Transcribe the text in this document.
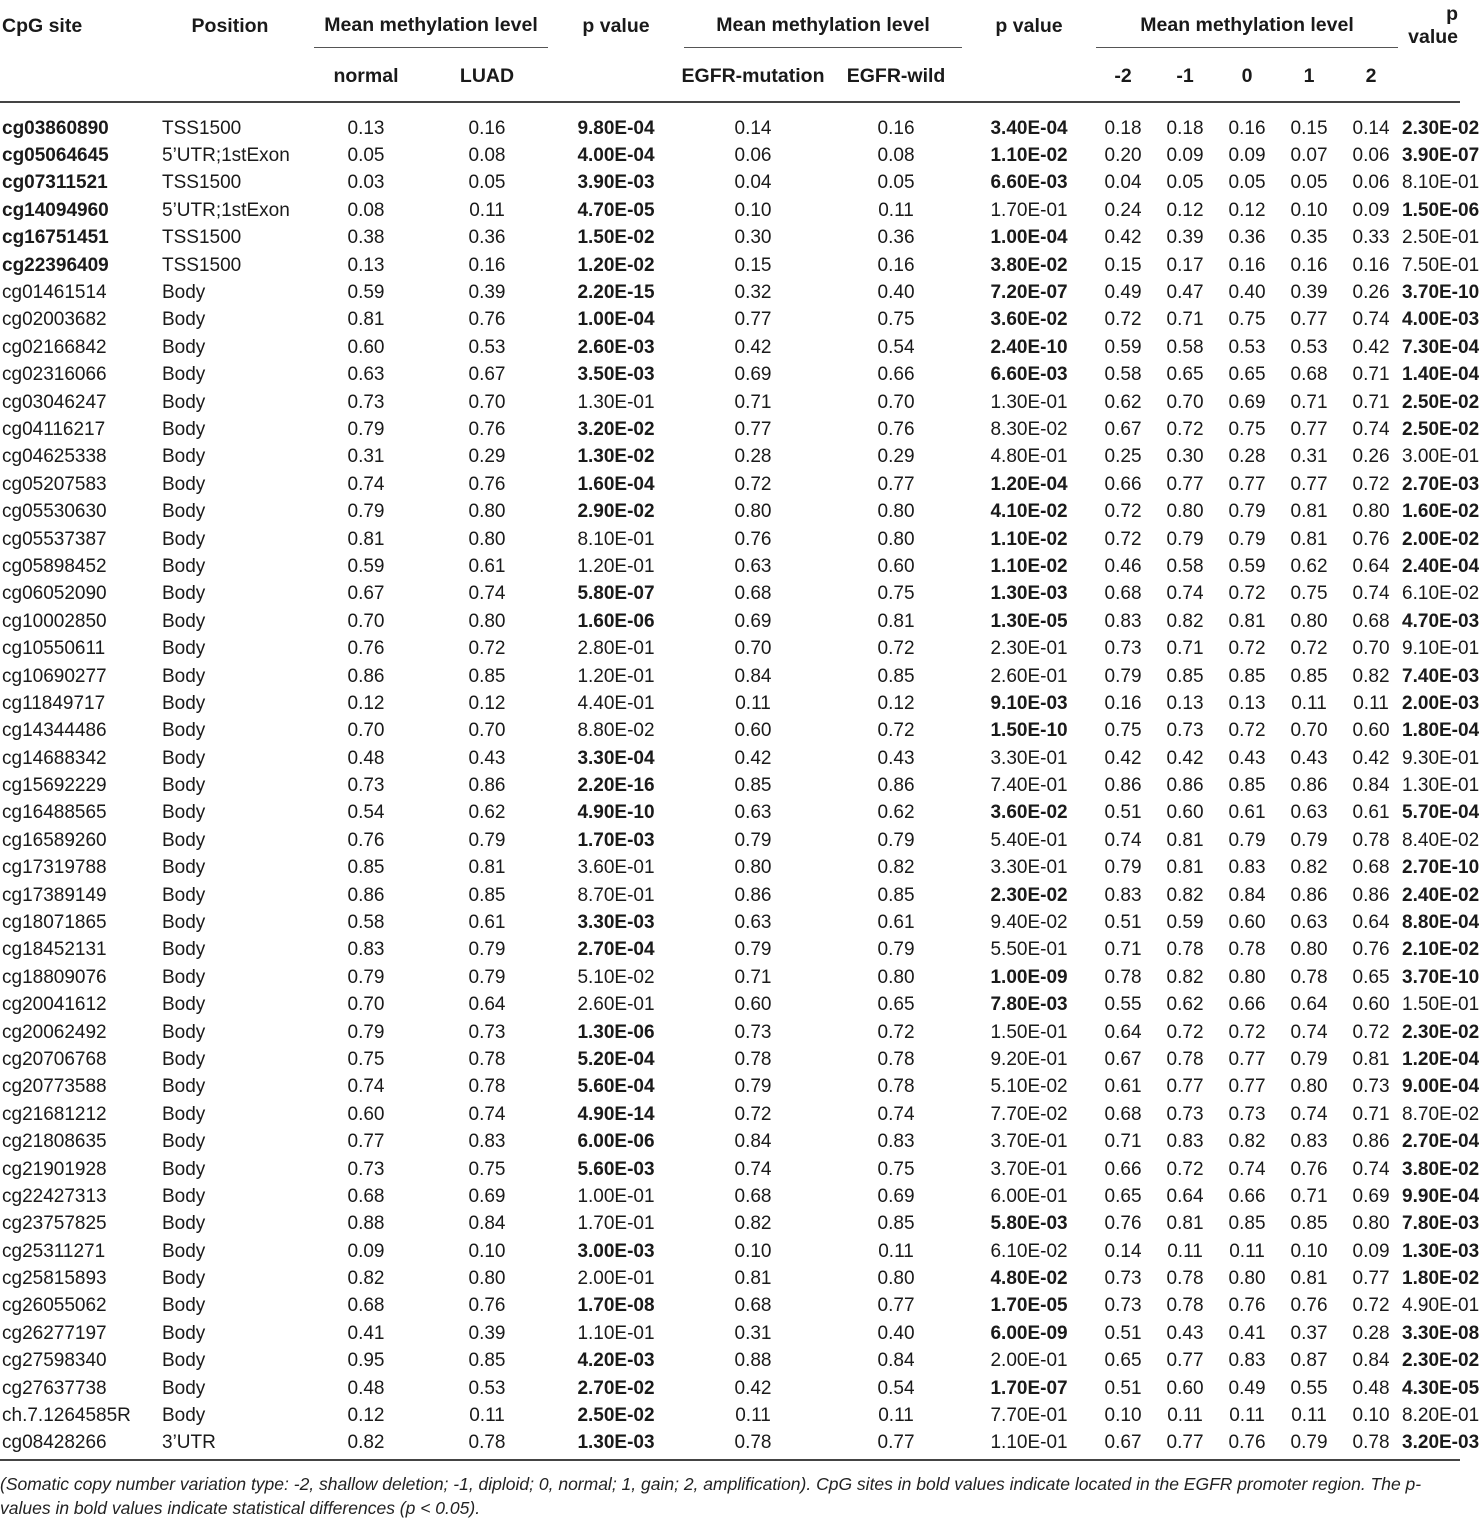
CpG site	Position	Mean methylation level		p value	Mean methylation level		p value	Mean methylation level					p value
		normal	LUAD		EGFR-mutation	EGFR-wild		-2	-1	0	1	2	
cg03860890	TSS1500	0.13	0.16	9.80E-04	0.14	0.16	3.40E-04	0.18	0.18	0.16	0.15	0.14	2.30E-02
cg05064645	5’UTR;1stExon	0.05	0.08	4.00E-04	0.06	0.08	1.10E-02	0.20	0.09	0.09	0.07	0.06	3.90E-07
cg07311521	TSS1500	0.03	0.05	3.90E-03	0.04	0.05	6.60E-03	0.04	0.05	0.05	0.05	0.06	8.10E-01
cg14094960	5’UTR;1stExon	0.08	0.11	4.70E-05	0.10	0.11	1.70E-01	0.24	0.12	0.12	0.10	0.09	1.50E-06
cg16751451	TSS1500	0.38	0.36	1.50E-02	0.30	0.36	1.00E-04	0.42	0.39	0.36	0.35	0.33	2.50E-01
cg22396409	TSS1500	0.13	0.16	1.20E-02	0.15	0.16	3.80E-02	0.15	0.17	0.16	0.16	0.16	7.50E-01
cg01461514	Body	0.59	0.39	2.20E-15	0.32	0.40	7.20E-07	0.49	0.47	0.40	0.39	0.26	3.70E-10
cg02003682	Body	0.81	0.76	1.00E-04	0.77	0.75	3.60E-02	0.72	0.71	0.75	0.77	0.74	4.00E-03
cg02166842	Body	0.60	0.53	2.60E-03	0.42	0.54	2.40E-10	0.59	0.58	0.53	0.53	0.42	7.30E-04
cg02316066	Body	0.63	0.67	3.50E-03	0.69	0.66	6.60E-03	0.58	0.65	0.65	0.68	0.71	1.40E-04
cg03046247	Body	0.73	0.70	1.30E-01	0.71	0.70	1.30E-01	0.62	0.70	0.69	0.71	0.71	2.50E-02
cg04116217	Body	0.79	0.76	3.20E-02	0.77	0.76	8.30E-02	0.67	0.72	0.75	0.77	0.74	2.50E-02
cg04625338	Body	0.31	0.29	1.30E-02	0.28	0.29	4.80E-01	0.25	0.30	0.28	0.31	0.26	3.00E-01
cg05207583	Body	0.74	0.76	1.60E-04	0.72	0.77	1.20E-04	0.66	0.77	0.77	0.77	0.72	2.70E-03
cg05530630	Body	0.79	0.80	2.90E-02	0.80	0.80	4.10E-02	0.72	0.80	0.79	0.81	0.80	1.60E-02
cg05537387	Body	0.81	0.80	8.10E-01	0.76	0.80	1.10E-02	0.72	0.79	0.79	0.81	0.76	2.00E-02
cg05898452	Body	0.59	0.61	1.20E-01	0.63	0.60	1.10E-02	0.46	0.58	0.59	0.62	0.64	2.40E-04
cg06052090	Body	0.67	0.74	5.80E-07	0.68	0.75	1.30E-03	0.68	0.74	0.72	0.75	0.74	6.10E-02
cg10002850	Body	0.70	0.80	1.60E-06	0.69	0.81	1.30E-05	0.83	0.82	0.81	0.80	0.68	4.70E-03
cg10550611	Body	0.76	0.72	2.80E-01	0.70	0.72	2.30E-01	0.73	0.71	0.72	0.72	0.70	9.10E-01
cg10690277	Body	0.86	0.85	1.20E-01	0.84	0.85	2.60E-01	0.79	0.85	0.85	0.85	0.82	7.40E-03
cg11849717	Body	0.12	0.12	4.40E-01	0.11	0.12	9.10E-03	0.16	0.13	0.13	0.11	0.11	2.00E-03
cg14344486	Body	0.70	0.70	8.80E-02	0.60	0.72	1.50E-10	0.75	0.73	0.72	0.70	0.60	1.80E-04
cg14688342	Body	0.48	0.43	3.30E-04	0.42	0.43	3.30E-01	0.42	0.42	0.43	0.43	0.42	9.30E-01
cg15692229	Body	0.73	0.86	2.20E-16	0.85	0.86	7.40E-01	0.86	0.86	0.85	0.86	0.84	1.30E-01
cg16488565	Body	0.54	0.62	4.90E-10	0.63	0.62	3.60E-02	0.51	0.60	0.61	0.63	0.61	5.70E-04
cg16589260	Body	0.76	0.79	1.70E-03	0.79	0.79	5.40E-01	0.74	0.81	0.79	0.79	0.78	8.40E-02
cg17319788	Body	0.85	0.81	3.60E-01	0.80	0.82	3.30E-01	0.79	0.81	0.83	0.82	0.68	2.70E-10
cg17389149	Body	0.86	0.85	8.70E-01	0.86	0.85	2.30E-02	0.83	0.82	0.84	0.86	0.86	2.40E-02
cg18071865	Body	0.58	0.61	3.30E-03	0.63	0.61	9.40E-02	0.51	0.59	0.60	0.63	0.64	8.80E-04
cg18452131	Body	0.83	0.79	2.70E-04	0.79	0.79	5.50E-01	0.71	0.78	0.78	0.80	0.76	2.10E-02
cg18809076	Body	0.79	0.79	5.10E-02	0.71	0.80	1.00E-09	0.78	0.82	0.80	0.78	0.65	3.70E-10
cg20041612	Body	0.70	0.64	2.60E-01	0.60	0.65	7.80E-03	0.55	0.62	0.66	0.64	0.60	1.50E-01
cg20062492	Body	0.79	0.73	1.30E-06	0.73	0.72	1.50E-01	0.64	0.72	0.72	0.74	0.72	2.30E-02
cg20706768	Body	0.75	0.78	5.20E-04	0.78	0.78	9.20E-01	0.67	0.78	0.77	0.79	0.81	1.20E-04
cg20773588	Body	0.74	0.78	5.60E-04	0.79	0.78	5.10E-02	0.61	0.77	0.77	0.80	0.73	9.00E-04
cg21681212	Body	0.60	0.74	4.90E-14	0.72	0.74	7.70E-02	0.68	0.73	0.73	0.74	0.71	8.70E-02
cg21808635	Body	0.77	0.83	6.00E-06	0.84	0.83	3.70E-01	0.71	0.83	0.82	0.83	0.86	2.70E-04
cg21901928	Body	0.73	0.75	5.60E-03	0.74	0.75	3.70E-01	0.66	0.72	0.74	0.76	0.74	3.80E-02
cg22427313	Body	0.68	0.69	1.00E-01	0.68	0.69	6.00E-01	0.65	0.64	0.66	0.71	0.69	9.90E-04
cg23757825	Body	0.88	0.84	1.70E-01	0.82	0.85	5.80E-03	0.76	0.81	0.85	0.85	0.80	7.80E-03
cg25311271	Body	0.09	0.10	3.00E-03	0.10	0.11	6.10E-02	0.14	0.11	0.11	0.10	0.09	1.30E-03
cg25815893	Body	0.82	0.80	2.00E-01	0.81	0.80	4.80E-02	0.73	0.78	0.80	0.81	0.77	1.80E-02
cg26055062	Body	0.68	0.76	1.70E-08	0.68	0.77	1.70E-05	0.73	0.78	0.76	0.76	0.72	4.90E-01
cg26277197	Body	0.41	0.39	1.10E-01	0.31	0.40	6.00E-09	0.51	0.43	0.41	0.37	0.28	3.30E-08
cg27598340	Body	0.95	0.85	4.20E-03	0.88	0.84	2.00E-01	0.65	0.77	0.83	0.87	0.84	2.30E-02
cg27637738	Body	0.48	0.53	2.70E-02	0.42	0.54	1.70E-07	0.51	0.60	0.49	0.55	0.48	4.30E-05
ch.7.1264585R	Body	0.12	0.11	2.50E-02	0.11	0.11	7.70E-01	0.10	0.11	0.11	0.11	0.10	8.20E-01
cg08428266	3’UTR	0.82	0.78	1.30E-03	0.78	0.77	1.10E-01	0.67	0.77	0.76	0.79	0.78	3.20E-03
(Somatic copy number variation type: -2, shallow deletion; -1, diploid; 0, normal; 1, gain; 2, amplification). CpG sites in bold values indicate located in the EGFR promoter region. The p-values in bold values indicate statistical differences (p < 0.05).
